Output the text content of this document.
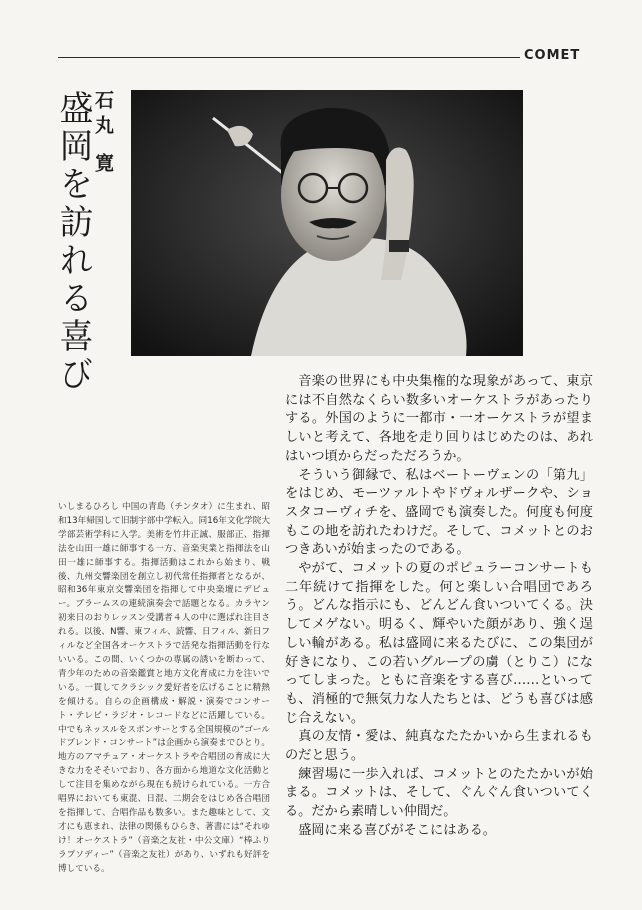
COMET
盛岡を訪れる喜び 石丸 寛

いしまるひろし 中国の青島（チンタオ）に生まれ、昭和13年帰国して旧制宇部中学転入。同16年文化学院大学部芸術学科に入学。美術を竹井正誠、服部正、指揮法を山田一雄に師事する一方、音楽実業と指揮法を山田一雄に師事する。指揮活動はこれから始まり、戦後、九州交響楽団を創立し初代常任指揮者となるが、昭和36年東京交響楽団を指揮して中央楽壇にデビュー。ブラームスの連続演奏会で話題となる。カラヤン初来日のおりレッスン受講者４人の中に選ばれ注目される。以後、N響、東フィル、読響、日フィル、新日フィルなど全国各オーケストラで活発な指揮活動を行ないいる。この間、いくつかの専属の誘いを断わって、青少年のための音楽鑑賞と地方文化育成に力を注いでいる。一貫してクラシック愛好者を広げることに精熱を傾ける。自らの企画構成・解説・演奏でコンサート・テレビ・ラジオ・レコードなどに活躍している。中でもネッスルをスポンサーとする全国規模の“ゴールドブレンド・コンサート”は企画から演奏までひとり。地方のアマチュア・オーケストラや合唱団の育成に大きな力をそそいでおり、各方面から地道な文化活動として注目を集めながら現在も続けられている。一方合唱界においても東混、日混、二期会をはじめ各合唱団を指揮して、合唱作品も数多い。また趣味として、文才にも恵まれ、法律の関係もひらき、著書には“それゆけ！オーケストラ”（音楽之友社・中公文庫）“棒ふりラプソディー”（音楽之友社）があり、いずれも好評を博している。

音楽の世界にも中央集権的な現象があって、東京には不自然なくらい数多いオーケストラがあったりする。外国のように一都市・一オーケストラが望ましいと考えて、各地を走り回りはじめたのは、あれはいつ頃からだっただろうか。

そういう御縁で、私はベートーヴェンの「第九」をはじめ、モーツァルトやドヴォルザークや、ショスタコーヴィチを、盛岡でも演奏した。何度も何度もこの地を訪れたわけだ。そして、コメットとのおつきあいが始まったのである。

やがて、コメットの夏のポピュラーコンサートも二年続けて指揮をした。何と楽しい合唱団であろう。どんな指示にも、どんどん食いついてくる。決してメゲない。明るく、輝やいた顔があり、強く逞しい輪がある。私は盛岡に来るたびに、この集団が好きになり、この若いグループの虜（とりこ）になってしまった。ともに音楽をする喜び……といっても、消極的で無気力な人たちとは、どうも喜びは感じ合えない。

真の友情・愛は、純真なたたかいから生まれるものだと思う。

練習場に一歩入れば、コメットとのたたかいが始まる。コメットは、そして、ぐんぐん食いついてくる。だから素晴しい仲間だ。

盛岡に来る喜びがそこにはある。
